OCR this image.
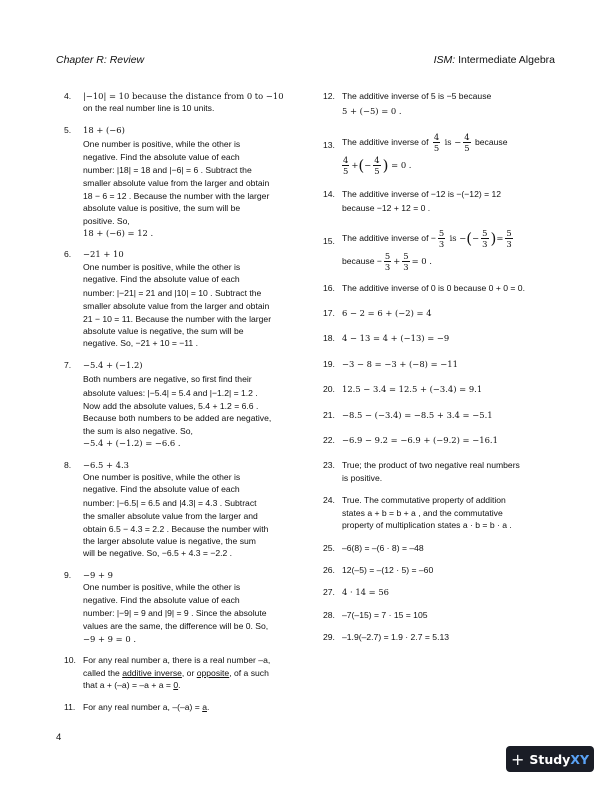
Chapter R: Review	ISM: Intermediate Algebra
4. |−10| = 10 because the distance from 0 to −10
on the real number line is 10 units.
5. 18 + (−6)
One number is positive, while the other is
negative. Find the absolute value of each
number: |18| = 18 and |−6| = 6 . Subtract the
smaller absolute value from the larger and obtain
18 − 6 = 12 . Because the number with the larger
absolute value is positive, the sum will be
positive. So,
18 + (−6) = 12 .
6. −21 + 10
One number is positive, while the other is
negative. Find the absolute value of each
number: |−21| = 21 and |10| = 10 . Subtract the
smaller absolute value from the larger and obtain
21 − 10 = 11. Because the number with the larger
absolute value is negative, the sum will be
negative. So, −21 + 10 = −11 .
7. −5.4 + (−1.2)
Both numbers are negative, so first find their
absolute values: |−5.4| = 5.4 and |−1.2| = 1.2 .
Now add the absolute values, 5.4 + 1.2 = 6.6 .
Because both numbers to be added are negative,
the sum is also negative. So,
−5.4 + (−1.2) = −6.6 .
8. −6.5 + 4.3
One number is positive, while the other is
negative. Find the absolute value of each
number: |−6.5| = 6.5 and |4.3| = 4.3 . Subtract
the smaller absolute value from the larger and
obtain 6.5 − 4.3 = 2.2 . Because the number with
the larger absolute value is negative, the sum
will be negative. So, −6.5 + 4.3 = −2.2 .
9. −9 + 9
One number is positive, while the other is
negative. Find the absolute value of each
number: |−9| = 9 and |9| = 9 . Since the absolute
values are the same, the difference will be 0. So,
−9 + 9 = 0 .
10. For any real number a, there is a real number –a,
called the additive inverse, or opposite, of a such
that a + (–a) = –a + a = 0.
11. For any real number a, –(–a) = a.
12. The additive inverse of 5 is −5 because
5 + (−5) = 0 .
13. The additive inverse of $\frac{4}{5}$ is − $\frac{4}{5}$ because
$\frac{4}{5}$ +(− $\frac{4}{5}$ ) = 0 .
14. The additive inverse of −12 is −(−12) = 12
because −12 + 12 = 0 .
15. The additive inverse of − $\frac{5}{3}$ is −(− $\frac{5}{3}$ )= $\frac{5}{3}$
because − $\frac{5}{3} + \frac{5}{3} = 0$ .
16. The additive inverse of 0 is 0 because 0 + 0 = 0.
17. 6 − 2 = 6 + (−2) = 4
18. 4 − 13 = 4 + (−13) = −9
19. −3 − 8 = −3 + (−8) = −11
20. 12.5 − 3.4 = 12.5 + (−3.4) = 9.1
21. −8.5 − (−3.4) = −8.5 + 3.4 = −5.1
22. −6.9 − 9.2 = −6.9 + (−9.2) = −16.1
23. True; the product of two negative real numbers
is positive.
24. True. The commutative property of addition
states a + b = b + a , and the commutative
property of multiplication states a · b = b · a .
25. –6(8) = –(6 · 8) = –48
26. 12(–5) = –(12 · 5) = –60
27. 4 · 14 = 56
28. –7(–15) = 7 · 15 = 105
29. –1.9(–2.7) = 1.9 · 2.7 = 5.13
4
+ StudyXY
